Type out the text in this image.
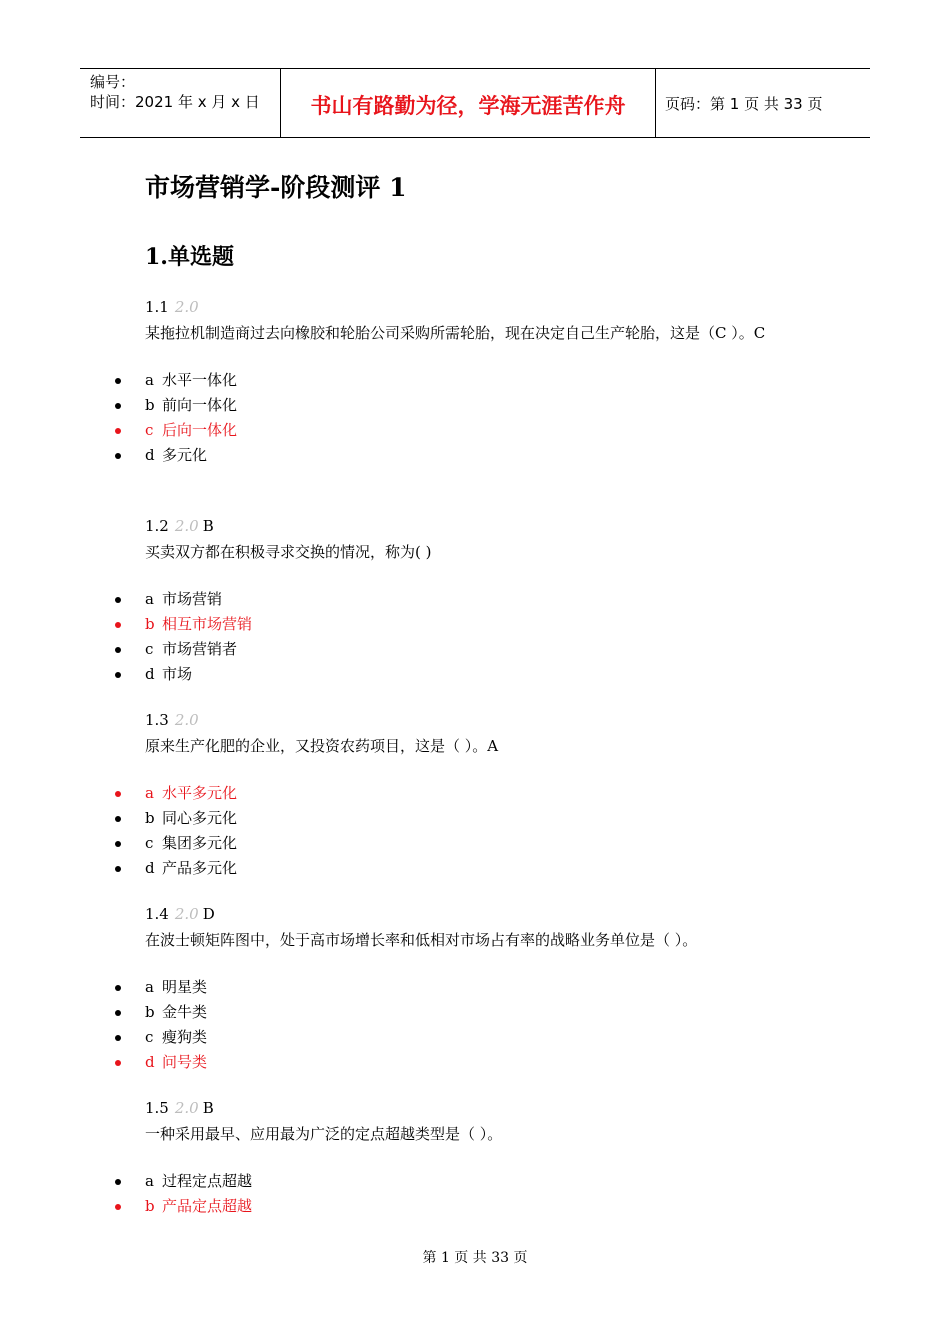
编号：
时间：2021 年 x 月 x 日	书山有路勤为径，学海无涯苦作舟	页码：第 1 页 共 33 页
市场营销学-阶段测评 1
1.单选题
1.1 2.0
某拖拉机制造商过去向橡胶和轮胎公司采购所需轮胎，现在决定自己生产轮胎，这是（C ）。C
a 水平一体化
b 前向一体化
c 后向一体化
d 多元化
1.2 2.0 B
买卖双方都在积极寻求交换的情况，称为( )
a 市场营销
b 相互市场营销
c 市场营销者
d 市场
1.3 2.0
原来生产化肥的企业，又投资农药项目，这是（ ）。A
a 水平多元化
b 同心多元化
c 集团多元化
d 产品多元化
1.4 2.0 D
在波士顿矩阵图中，处于高市场增长率和低相对市场占有率的战略业务单位是（ ）。
a 明星类
b 金牛类
c 瘦狗类
d 问号类
1.5 2.0 B
一种采用最早、应用最为广泛的定点超越类型是（ ）。
a 过程定点超越
b 产品定点超越
第 1 页 共 33 页
